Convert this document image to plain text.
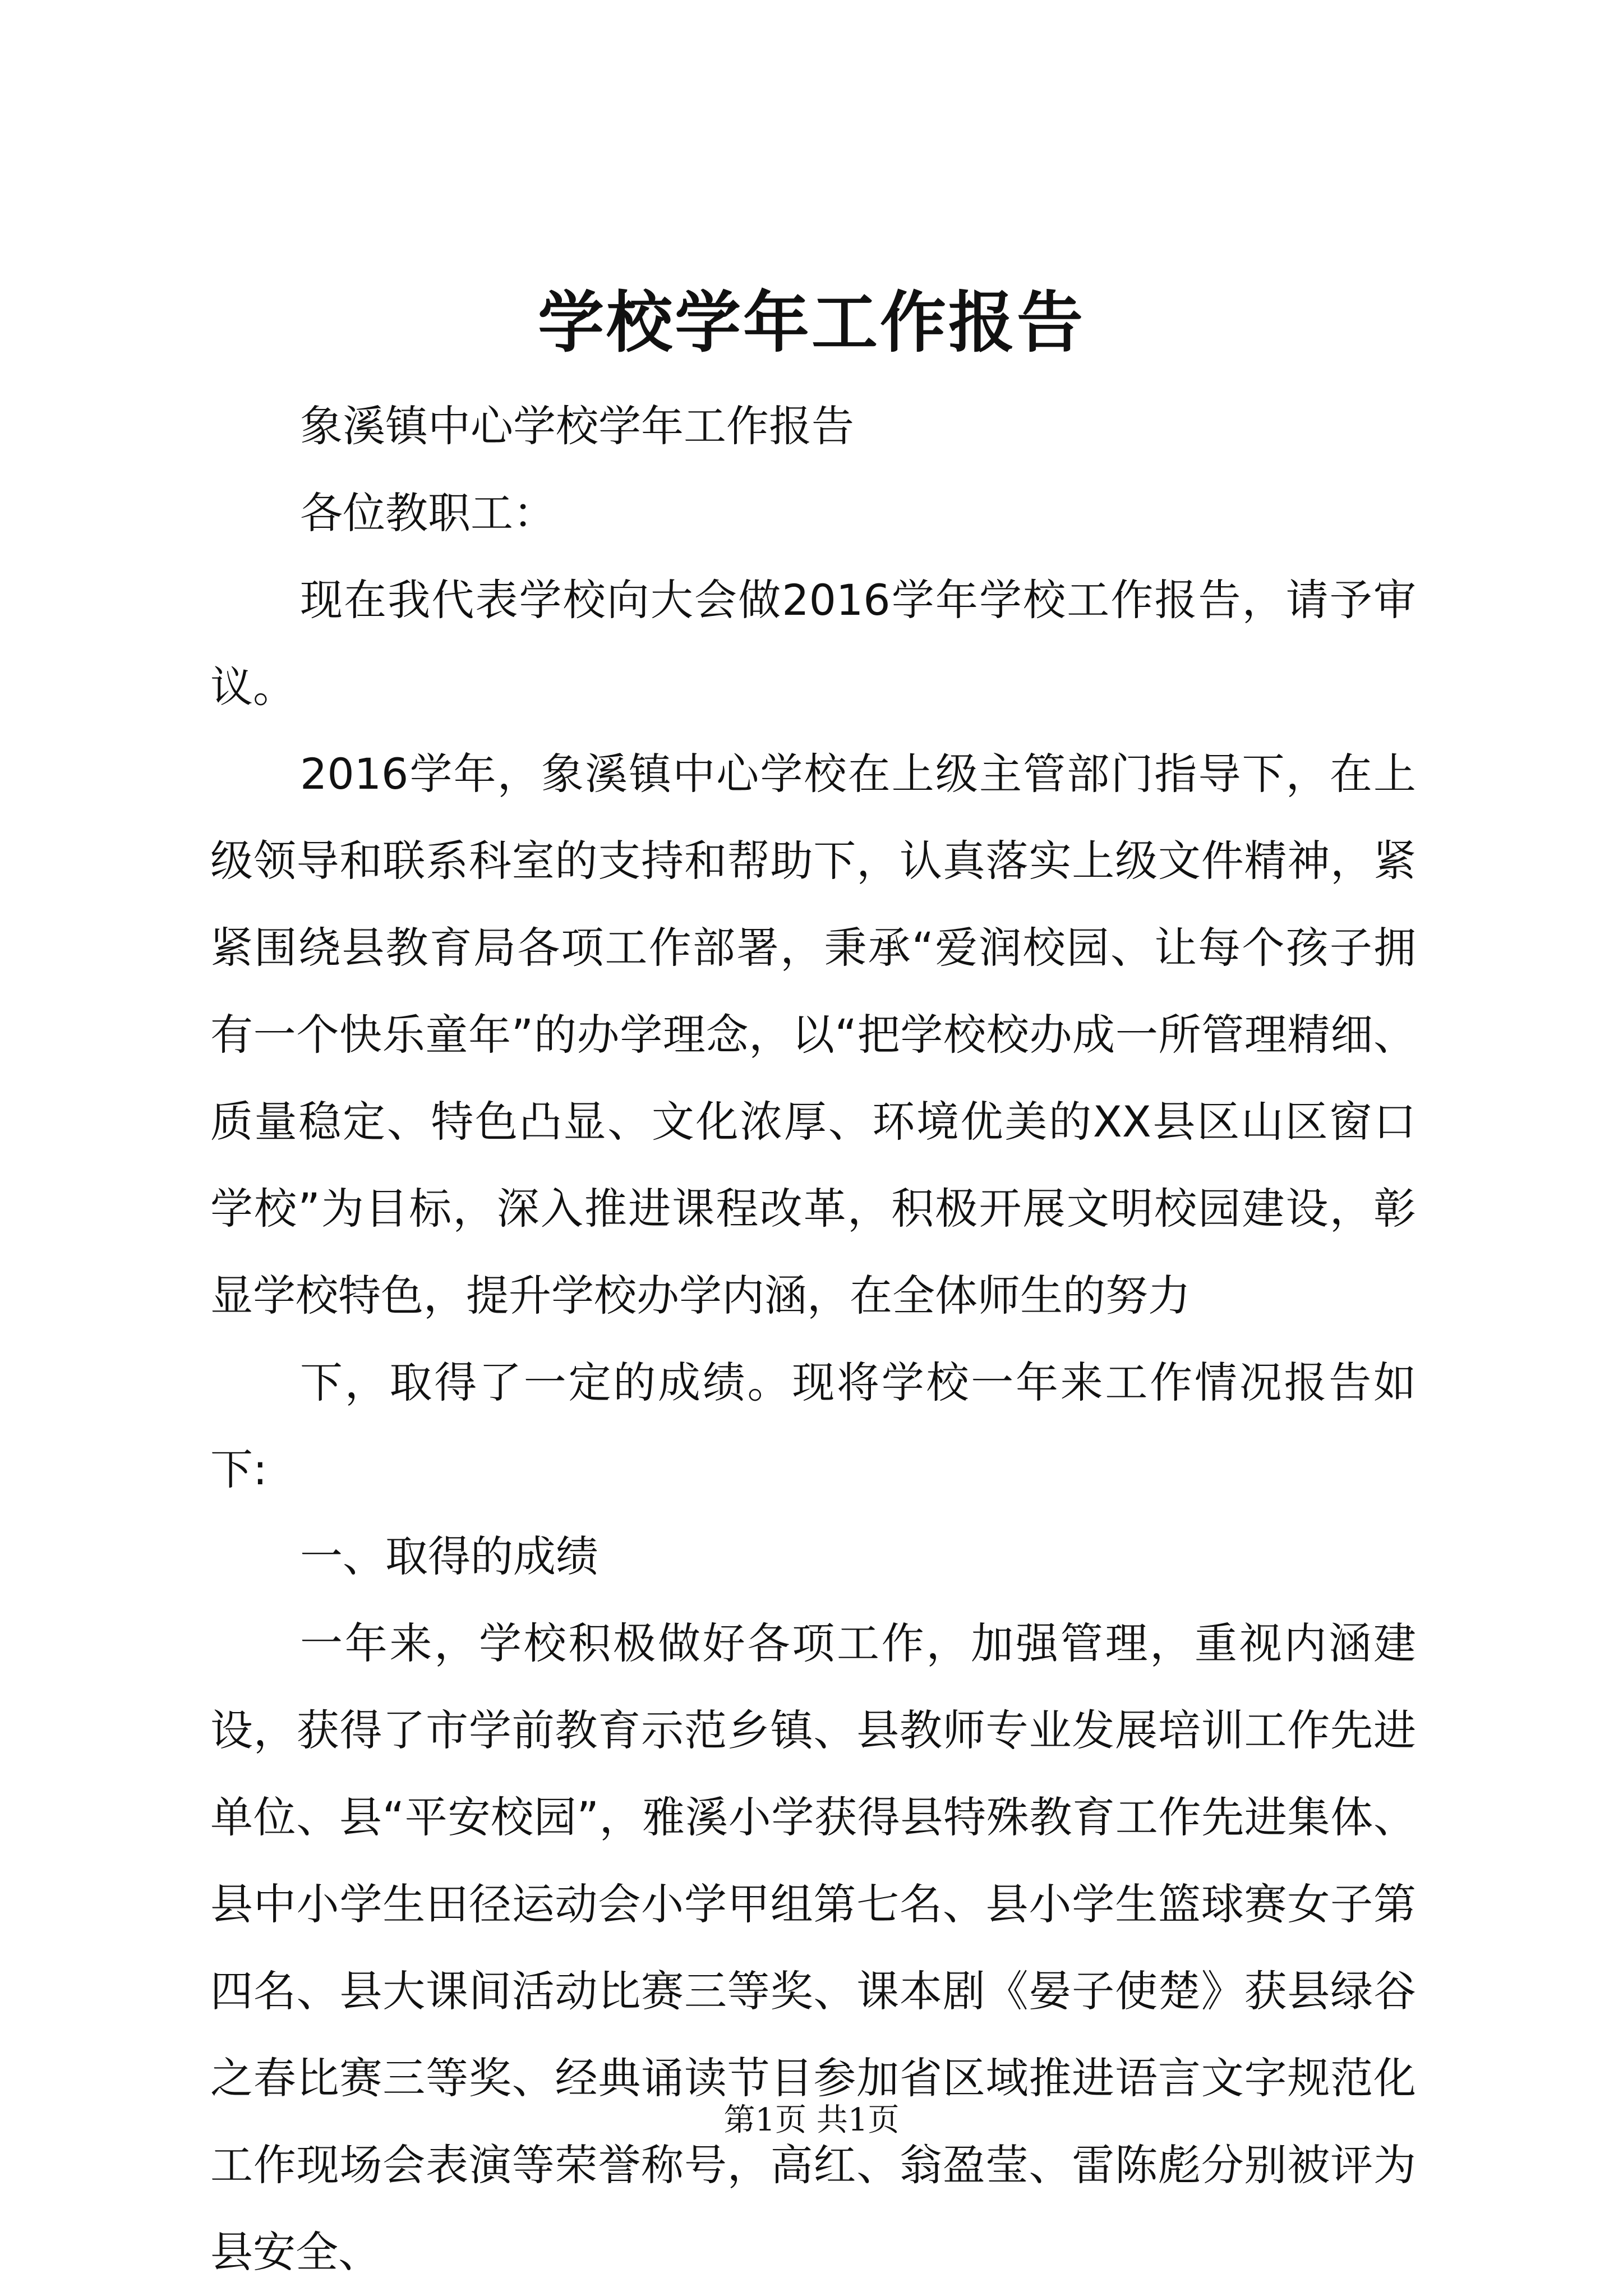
学校学年工作报告

象溪镇中心学校学年工作报告

各位教职工：

现在我代表学校向大会做2016学年学校工作报告，请予审议。

2016学年，象溪镇中心学校在上级主管部门指导下，在上级领导和联系科室的支持和帮助下，认真落实上级文件精神，紧紧围绕县教育局各项工作部署，秉承“爱润校园、让每个孩子拥有一个快乐童年”的办学理念，以“把学校校办成一所管理精细、质量稳定、特色凸显、文化浓厚、环境优美的XX县区山区窗口学校”为目标，深入推进课程改革，积极开展文明校园建设，彰显学校特色，提升学校办学内涵，在全体师生的努力

下，取得了一定的成绩。现将学校一年来工作情况报告如下:

一、取得的成绩

一年来，学校积极做好各项工作，加强管理，重视内涵建设，获得了市学前教育示范乡镇、县教师专业发展培训工作先进单位、县“平安校园”，雅溪小学获得县特殊教育工作先进集体、县中小学生田径运动会小学甲组第七名、县小学生篮球赛女子第四名、县大课间活动比赛三等奖、课本剧《晏子使楚》获县绿谷之春比赛三等奖、经典诵读节目参加省区域推进语言文字规范化工作现场会表演等荣誉称号，高红、翁盈莹、雷陈彪分别被评为县安全、

第1页 共1页
